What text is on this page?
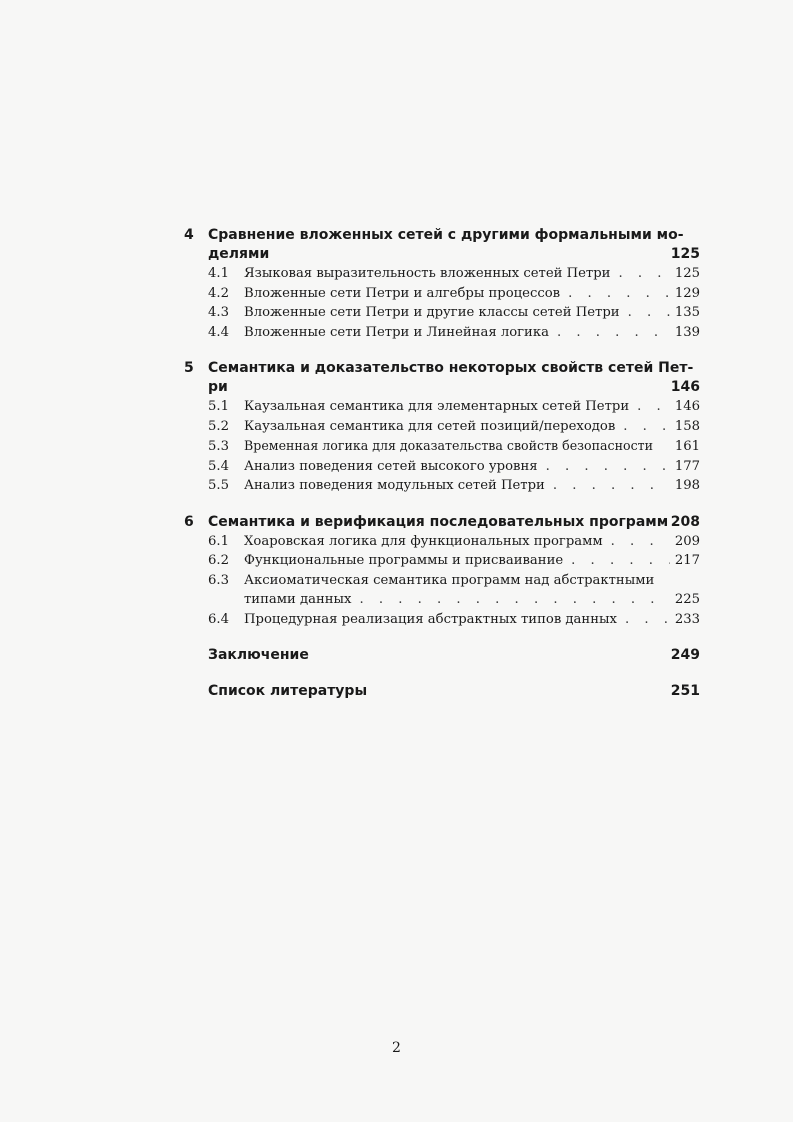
4	Сравнение вложенных сетей с другими формальными мо-
делями	125
4.1	Языковая выразительность вложенных сетей Петри . . .	125
4.2	Вложенные сети Петри и алгебры процессов . . .	129
4.3	Вложенные сети Петри и другие классы сетей Петри . . .	135
4.4	Вложенные сети Петри и Линейная логика . . .	139
5	Семантика и доказательство некоторых свойств сетей Пет-
ри	146
5.1	Каузальная семантика для элементарных сетей Петри . . .	146
5.2	Каузальная семантика для сетей позиций/переходов . . .	158
5.3	Временная логика для доказательства свойств безопасности	161
5.4	Анализ поведения сетей высокого уровня . . .	177
5.5	Анализ поведения модульных сетей Петри . . .	198
6	Семантика и верификация последовательных программ 208
6.1	Хоаровская логика для функциональных программ . . .	209
6.2	Функциональные программы и присваивание . . .	217
6.3	Аксиоматическая семантика программ над абстрактными
типами данных . . .	225
6.4	Процедурная реализация абстрактных типов данных . . .	233
Заключение	249
Список литературы	251
2
